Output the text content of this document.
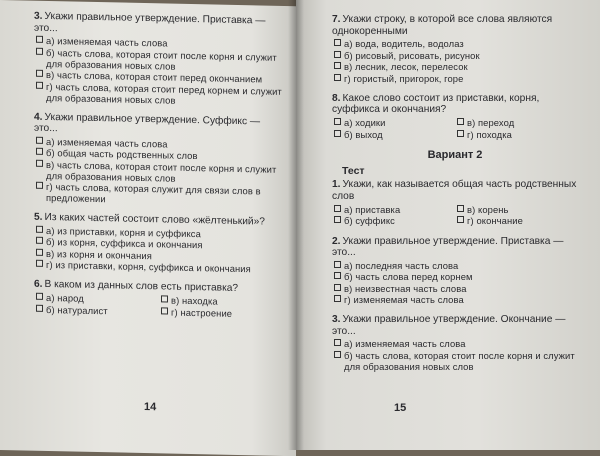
3. Укажи правильное утверждение. Приставка — это...
а) изменяемая часть слова
б) часть слова, которая стоит после корня и служит для образования новых слов
в) часть слова, которая стоит перед окончанием
г) часть слова, которая стоит перед корнем и служит для образования новых слов
4. Укажи правильное утверждение. Суффикс — это...
а) изменяемая часть слова
б) общая часть родственных слов
в) часть слова, которая стоит после корня и служит для образования новых слов
г) часть слова, которая служит для связи слов в предложении
5. Из каких частей состоит слово «жёлтенький»?
а) из приставки, корня и суффикса
б) из корня, суффикса и окончания
в) из корня и окончания
г) из приставки, корня, суффикса и окончания
6. В каком из данных слов есть приставка?
а) народ
б) натуралист
в) находка
г) настроение
14
7. Укажи строку, в которой все слова являются однокоренными
а) вода, водитель, водолаз
б) рисовый, рисовать, рисунок
в) лесник, лесок, перелесок
г) гористый, пригорок, горе
8. Какое слово состоит из приставки, корня, суффикса и окончания?
а) ходики
б) выход
в) переход
г) походка
Вариант 2
Тест
1. Укажи, как называется общая часть родственных слов
а) приставка
б) суффикс
в) корень
г) окончание
2. Укажи правильное утверждение. Приставка — это...
а) последняя часть слова
б) часть слова перед корнем
в) неизвестная часть слова
г) изменяемая часть слова
3. Укажи правильное утверждение. Окончание — это...
а) изменяемая часть слова
б) часть слова, которая стоит после корня и служит для образования новых слов
15
